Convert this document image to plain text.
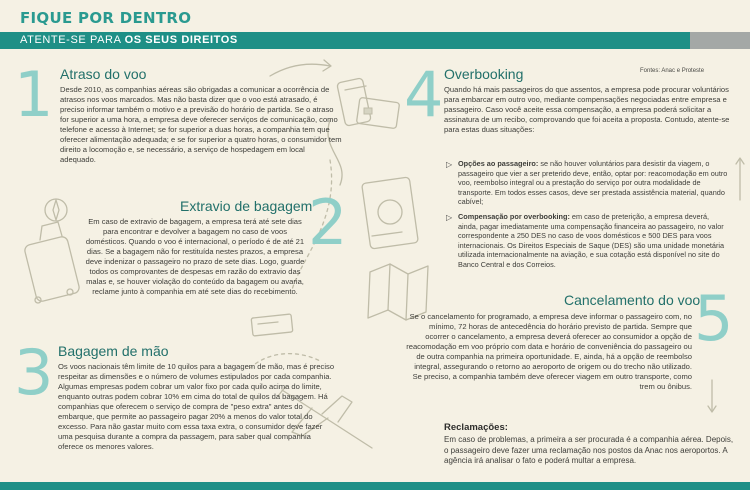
FIQUE POR DENTRO
ATENTE-SE PARA OS SEUS DIREITOS
1 Atraso do voo
Desde 2010, as companhias aéreas são obrigadas a comunicar a ocorrência de atrasos nos voos marcados. Mas não basta dizer que o voo está atrasado, é preciso informar também o motivo e a previsão do horário de partida. Se o atraso for superior a uma hora, a empresa deve oferecer serviços de comunicação, como telefone e acesso à Internet; se for superior a duas horas, a companhia tem que oferecer alimentação adequada; e se for superior a quatro horas, o consumidor tem direito a locomoção e, se necessário, a serviço de hospedagem em local adequado.
Extravio de bagagem
2
Em caso de extravio de bagagem, a empresa terá até sete dias para encontrar e devolver a bagagem no caso de voos domésticos. Quando o voo é internacional, o período é de até 21 dias. Se a bagagem não for restituída nestes prazos, a empresa deve indenizar o passageiro no prazo de sete dias. Logo, guarde todos os comprovantes de despesas em razão do extravio das malas e, se houver violação do conteúdo da bagagem ou avaria, reclame junto à companhia em até sete dias do recebimento.
3 Bagagem de mão
Os voos nacionais têm limite de 10 quilos para a bagagem de mão, mas é preciso respeitar as dimensões e o número de volumes estipulados por cada companhia. Algumas empresas podem cobrar um valor fixo por cada quilo acima do limite, enquanto outras podem cobrar 10% em cima do total de quilos da bagagem. Há companhias que oferecem o serviço de compra de "peso extra" antes do embarque, que permite ao passageiro pagar 20% a menos do valor total do excesso. Para não gastar muito com essa taxa extra, o consumidor deve fazer uma pesquisa durante a compra da passagem, para saber qual companhia oferece os menores valores.
4 Overbooking	Fontes: Anac e Proteste
Quando há mais passageiros do que assentos, a empresa pode procurar voluntários para embarcar em outro voo, mediante compensações negociadas entre empresa e passageiro. Caso você aceite essa compensação, a empresa poderá solicitar a assinatura de um recibo, comprovando que foi aceita a proposta. Contudo, atente-se para estas duas situações:
▷ Opções ao passageiro: se não houver voluntários para desistir da viagem, o passageiro que vier a ser preterido deve, então, optar por: reacomodação em outro voo, reembolso integral ou a prestação do serviço por outra modalidade de transporte. Em todos esses casos, deve ser prestada assistência material, quando cabível;
▷ Compensação por overbooking: em caso de preterição, a empresa deverá, ainda, pagar imediatamente uma compensação financeira ao passageiro, no valor correspondente a 250 DES no caso de voos domésticos e 500 DES para voos internacionais. Os Direitos Especiais de Saque (DES) são uma unidade monetária utilizada internacionalmente na aviação, e sua cotação está disponível no site do Banco Central e dos Correios.
Cancelamento do voo
5
Se o cancelamento for programado, a empresa deve informar o passageiro com, no mínimo, 72 horas de antecedência do horário previsto de partida. Sempre que ocorrer o cancelamento, a empresa deverá oferecer ao consumidor a opção de reacomodação em voo próprio com data e horário de conveniência do passageiro ou de outra companhia na primeira oportunidade. E, ainda, há a opção de reembolso integral, assegurando o retorno ao aeroporto de origem ou do trecho não utilizado. Se preciso, a companhia também deve oferecer viagem em outro transporte, como trem ou ônibus.
Reclamações:
Em caso de problemas, a primeira a ser procurada é a companhia aérea. Depois, o passageiro deve fazer uma reclamação nos postos da Anac nos aeroportos. A agência irá analisar o fato e poderá multar a empresa.
